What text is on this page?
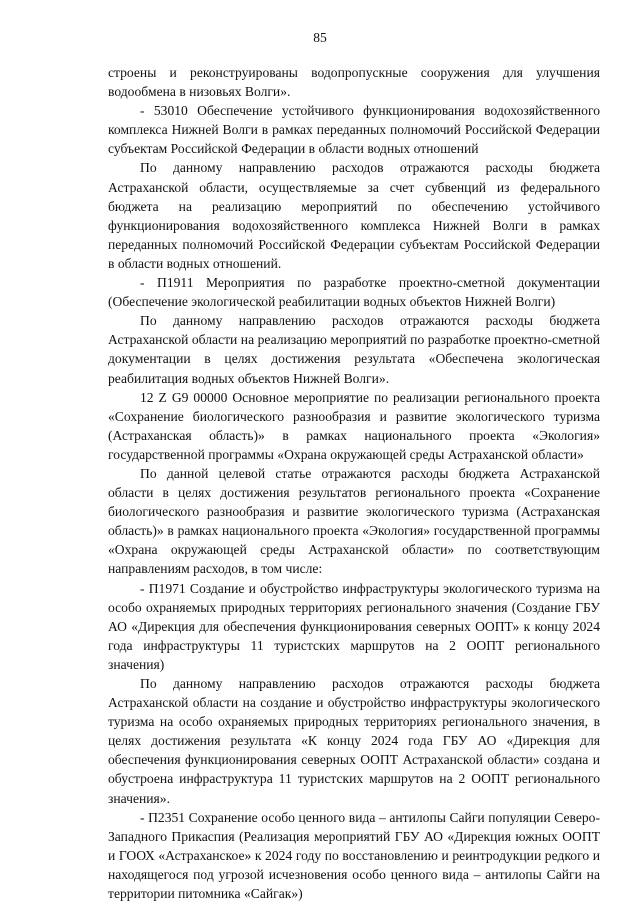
85

строены и реконструированы водопропускные сооружения для улучшения водообмена в низовьях Волги».

- 53010 Обеспечение устойчивого функционирования водохозяйственного комплекса Нижней Волги в рамках переданных полномочий Российской Федерации субъектам Российской Федерации в области водных отношений

По данному направлению расходов отражаются расходы бюджета Астраханской области, осуществляемые за счет субвенций из федерального бюджета на реализацию мероприятий по обеспечению устойчивого функционирования водохозяйственного комплекса Нижней Волги в рамках переданных полномочий Российской Федерации субъектам Российской Федерации в области водных отношений.

- П1911 Мероприятия по разработке проектно-сметной документации (Обеспечение экологической реабилитации водных объектов Нижней Волги)

По данному направлению расходов отражаются расходы бюджета Астраханской области на реализацию мероприятий по разработке проектно-сметной документации в целях достижения результата «Обеспечена экологическая реабилитация водных объектов Нижней Волги».

12 Z G9 00000 Основное мероприятие по реализации регионального проекта «Сохранение биологического разнообразия и развитие экологического туризма (Астраханская область)» в рамках национального проекта «Экология» государственной программы «Охрана окружающей среды Астраханской области»

По данной целевой статье отражаются расходы бюджета Астраханской области в целях достижения результатов регионального проекта «Сохранение биологического разнообразия и развитие экологического туризма (Астраханская область)» в рамках национального проекта «Экология» государственной программы «Охрана окружающей среды Астраханской области» по соответствующим направлениям расходов, в том числе:

- П1971 Создание и обустройство инфраструктуры экологического туризма на особо охраняемых природных территориях регионального значения (Создание ГБУ АО «Дирекция для обеспечения функционирования северных ООПТ» к концу 2024 года инфраструктуры 11 туристских маршрутов на 2 ООПТ регионального значения)

По данному направлению расходов отражаются расходы бюджета Астраханской области на создание и обустройство инфраструктуры экологического туризма на особо охраняемых природных территориях регионального значения, в целях достижения результата «К концу 2024 года ГБУ АО «Дирекция для обеспечения функционирования северных ООПТ Астраханской области» создана и обустроена инфраструктура 11 туристских маршрутов на 2 ООПТ регионального значения».

- П2351 Сохранение особо ценного вида – антилопы Сайги популяции Северо-Западного Прикаспия (Реализация мероприятий ГБУ АО «Дирекция южных ООПТ и ГООХ «Астраханское» к 2024 году по восстановлению и реинтродукции редкого и находящегося под угрозой исчезновения особо ценного вида – антилопы Сайги на территории питомника «Сайгак»)
